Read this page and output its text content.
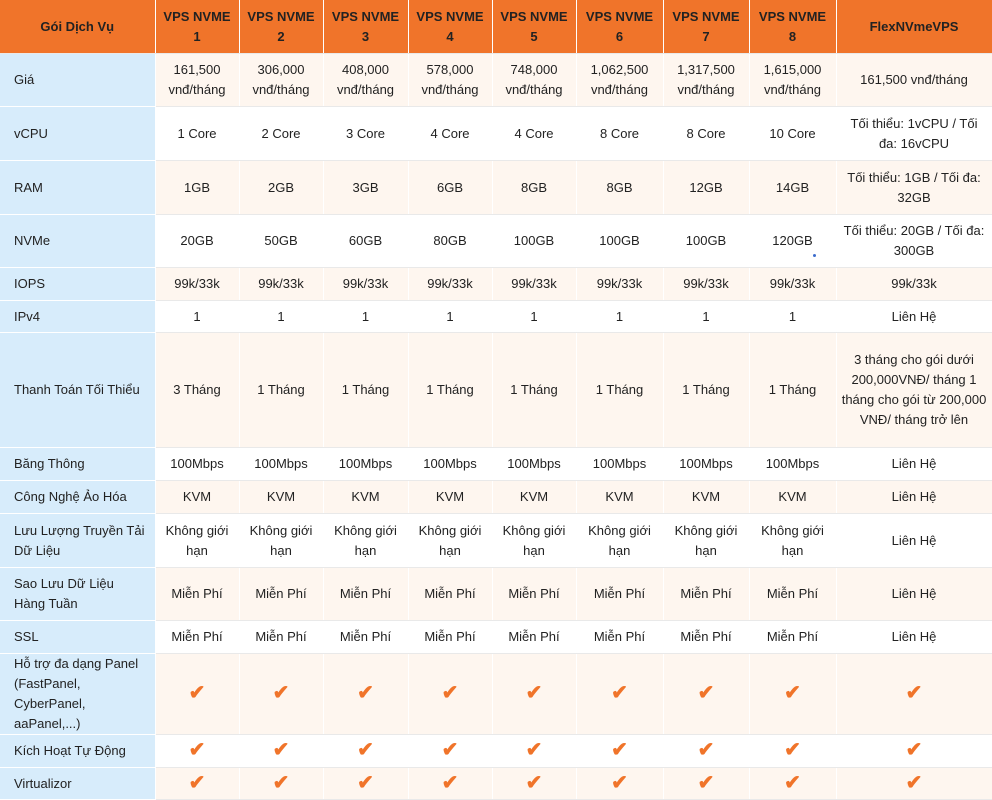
Gói Dịch Vụ	VPS NVME 1	VPS NVME 2	VPS NVME 3	VPS NVME 4	VPS NVME 5	VPS NVME 6	VPS NVME 7	VPS NVME 8	FlexNVmeVPS
Giá	161,500 vnđ/tháng	306,000 vnđ/tháng	408,000 vnđ/tháng	578,000 vnđ/tháng	748,000 vnđ/tháng	1,062,500 vnđ/tháng	1,317,500 vnđ/tháng	1,615,000 vnđ/tháng	161,500 vnđ/tháng
vCPU	1 Core	2 Core	3 Core	4 Core	4 Core	8 Core	8 Core	10 Core	Tối thiểu: 1vCPU / Tối đa: 16vCPU
RAM	1GB	2GB	3GB	6GB	8GB	8GB	12GB	14GB	Tối thiểu: 1GB / Tối đa: 32GB
NVMe	20GB	50GB	60GB	80GB	100GB	100GB	100GB	120GB	Tối thiểu: 20GB / Tối đa: 300GB
IOPS	99k/33k	99k/33k	99k/33k	99k/33k	99k/33k	99k/33k	99k/33k	99k/33k	99k/33k
IPv4	1	1	1	1	1	1	1	1	Liên Hệ
Thanh Toán Tối Thiểu	3 Tháng	1 Tháng	1 Tháng	1 Tháng	1 Tháng	1 Tháng	1 Tháng	1 Tháng	3 tháng cho gói dưới 200,000VNĐ/ tháng 1 tháng cho gói từ 200,000 VNĐ/ tháng trở lên
Băng Thông	100Mbps	100Mbps	100Mbps	100Mbps	100Mbps	100Mbps	100Mbps	100Mbps	Liên Hệ
Công Nghệ Ảo Hóa	KVM	KVM	KVM	KVM	KVM	KVM	KVM	KVM	Liên Hệ
Lưu Lượng Truyền Tải Dữ Liệu	Không giới hạn	Không giới hạn	Không giới hạn	Không giới hạn	Không giới hạn	Không giới hạn	Không giới hạn	Không giới hạn	Liên Hệ
Sao Lưu Dữ Liệu Hàng Tuần	Miễn Phí	Miễn Phí	Miễn Phí	Miễn Phí	Miễn Phí	Miễn Phí	Miễn Phí	Miễn Phí	Liên Hệ
SSL	Miễn Phí	Miễn Phí	Miễn Phí	Miễn Phí	Miễn Phí	Miễn Phí	Miễn Phí	Miễn Phí	Liên Hệ
Hỗ trợ đa dạng Panel (FastPanel, CyberPanel, aaPanel,...)	✔	✔	✔	✔	✔	✔	✔	✔	✔
Kích Hoạt Tự Động	✔	✔	✔	✔	✔	✔	✔	✔	✔
Virtualizor	✔	✔	✔	✔	✔	✔	✔	✔	✔
